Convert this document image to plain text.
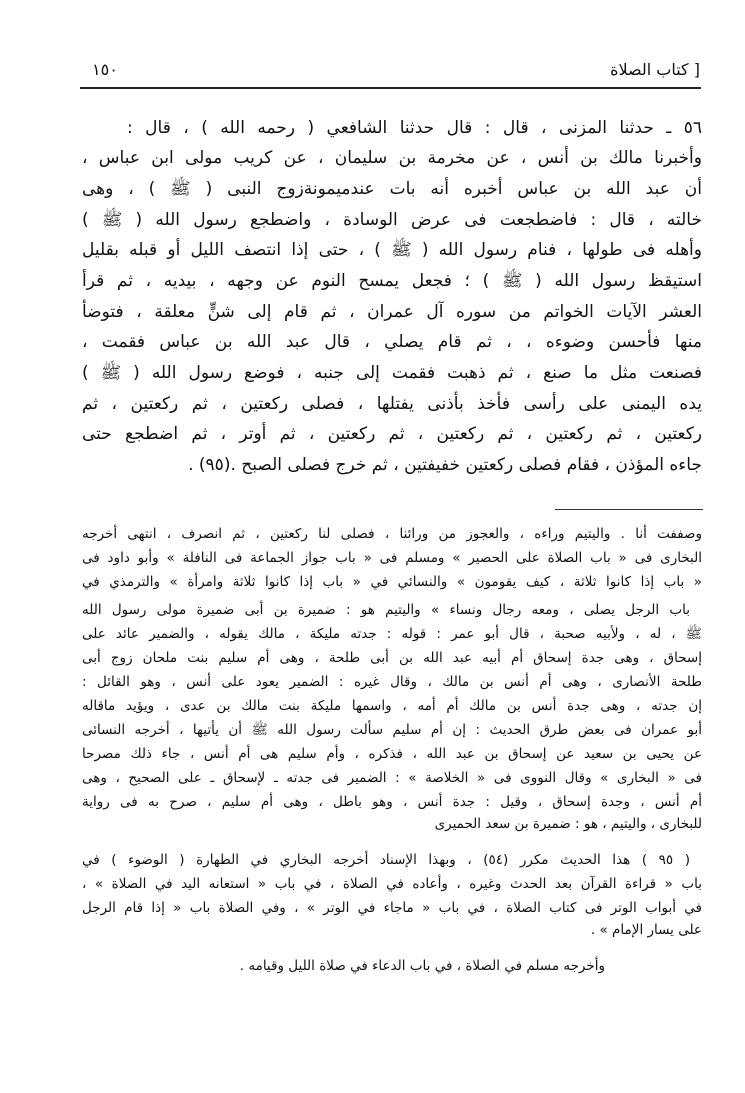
١٥٠	[ كتاب الصلاة
٥٦ ـ حدثنا المزنى ، قال : قال حدثنا الشافعي ( رحمه الله ) ، قال :
وأخبرنا مالك بن أنس ، عن مخرمة بن سليمان ، عن كريب مولى ابن عباس ،
أن عبد الله بن عباس أخبره أنه بات عندميمونةزوج النبى ( ﷺ ) ، وهى
خالته ، قال : فاضطجعت فى عرض الوسادة ، واضطجع رسول الله ( ﷺ )
وأهله فى طولها ، فنام رسول الله ( ﷺ ) ، حتى إذا انتصف الليل أو قبله بقليل
استيقظ رسول الله ( ﷺ ) ؛ فجعل يمسح النوم عن وجهه ، بيديه ، ثم قرأ
العشر الآيات الخواتم من سوره آل عمران ، ثم قام إلى شنٍّ معلقة ، فتوضأ
منها فأحسن وضوءه ، ، ثم قام يصلي ، قال عبد الله بن عباس فقمت ،
فصنعت مثل ما صنع ، ثم ذهبت فقمت إلى جنبه ، فوضع رسول الله ( ﷺ )
يده اليمنى على رأسى فأخذ بأذنى يفتلها ، فصلى ركعتين ، ثم ركعتين ، ثم
ركعتين ، ثم ركعتين ، ثم ركعتين ، ثم ركعتين ، ثم أوتر ، ثم اضطجع حتى
جاءه المؤذن ، فقام فصلى ركعتين خفيفتين ، ثم خرج فصلى الصبح .(٩٥) .
وصففت أنا . واليتيم وراءه ، والعجوز من ورائنا ، فصلى لنا ركعتين ، ثم انصرف ، انتهى أخرجه
البخارى فى « باب الصلاة على الحصير » ومسلم فى « باب جواز الجماعة فى النافلة » وأبو داود فى
« باب إذا كانوا ثلاثة ، كيف يقومون » والنسائي في « باب إذا كانوا ثلاثة وامرأة » والترمذي في
باب الرجل يصلى ، ومعه رجال ونساء » واليتيم هو : ضميرة بن أبى ضميرة مولى رسول الله
ﷺ ، له ، ولأبيه صحبة ، قال أبو عمر : قوله : جدته مليكة ، مالك يقوله ، والضمير عائد على
إسحاق ، وهى جدة إسحاق أم أبيه عبد الله بن أبى طلحة ، وهى أم سليم بنت ملحان زوج أبى
طلحة الأنصارى ، وهى أم أنس بن مالك ، وقال غيره : الضمير يعود على أنس ، وهو القائل :
إن جدته ، وهى جدة أنس بن مالك أم أمه ، واسمها مليكة بنت مالك بن عدى ، ويؤيد ماقاله
أبو عمران فى بعض طرق الحديث : إن أم سليم سألت رسول الله ﷺ أن يأتيها ، أخرجه النسائى
عن يحيى بن سعيد عن إسحاق بن عبد الله ، فذكره ، وأم سليم هى أم أنس ، جاء ذلك مصرحا
فى « البخارى » وقال النووى فى « الخلاصة » : الضمير فى جدته ـ لإسحاق ـ على الصحيح ، وهى
أم أنس ، وجدة إسحاق ، وقيل : جدة أنس ، وهو باطل ، وهى أم سليم ، صرح به فى رواية
للبخارى ، واليتيم ، هو : ضميرة بن سعد الحميرى
( ٩٥ ) هذا الحديث مكرر (٥٤) ، وبهذا الإسناد أخرجه البخاري في الطهارة ( الوضوء ) في
باب « قراءة القرآن بعد الحدث وغيره ، وأعاده في الصلاة ، في باب « استعانه اليد في الصلاة » ،
في أبواب الوتر فى كتاب الصلاة ، في باب « ماجاء في الوتر » ، وفي الصلاة باب « إذا قام الرجل
على يسار الإمام » .
وأخرجه مسلم في الصلاة ، في باب الدعاء في صلاة الليل وقيامه .
